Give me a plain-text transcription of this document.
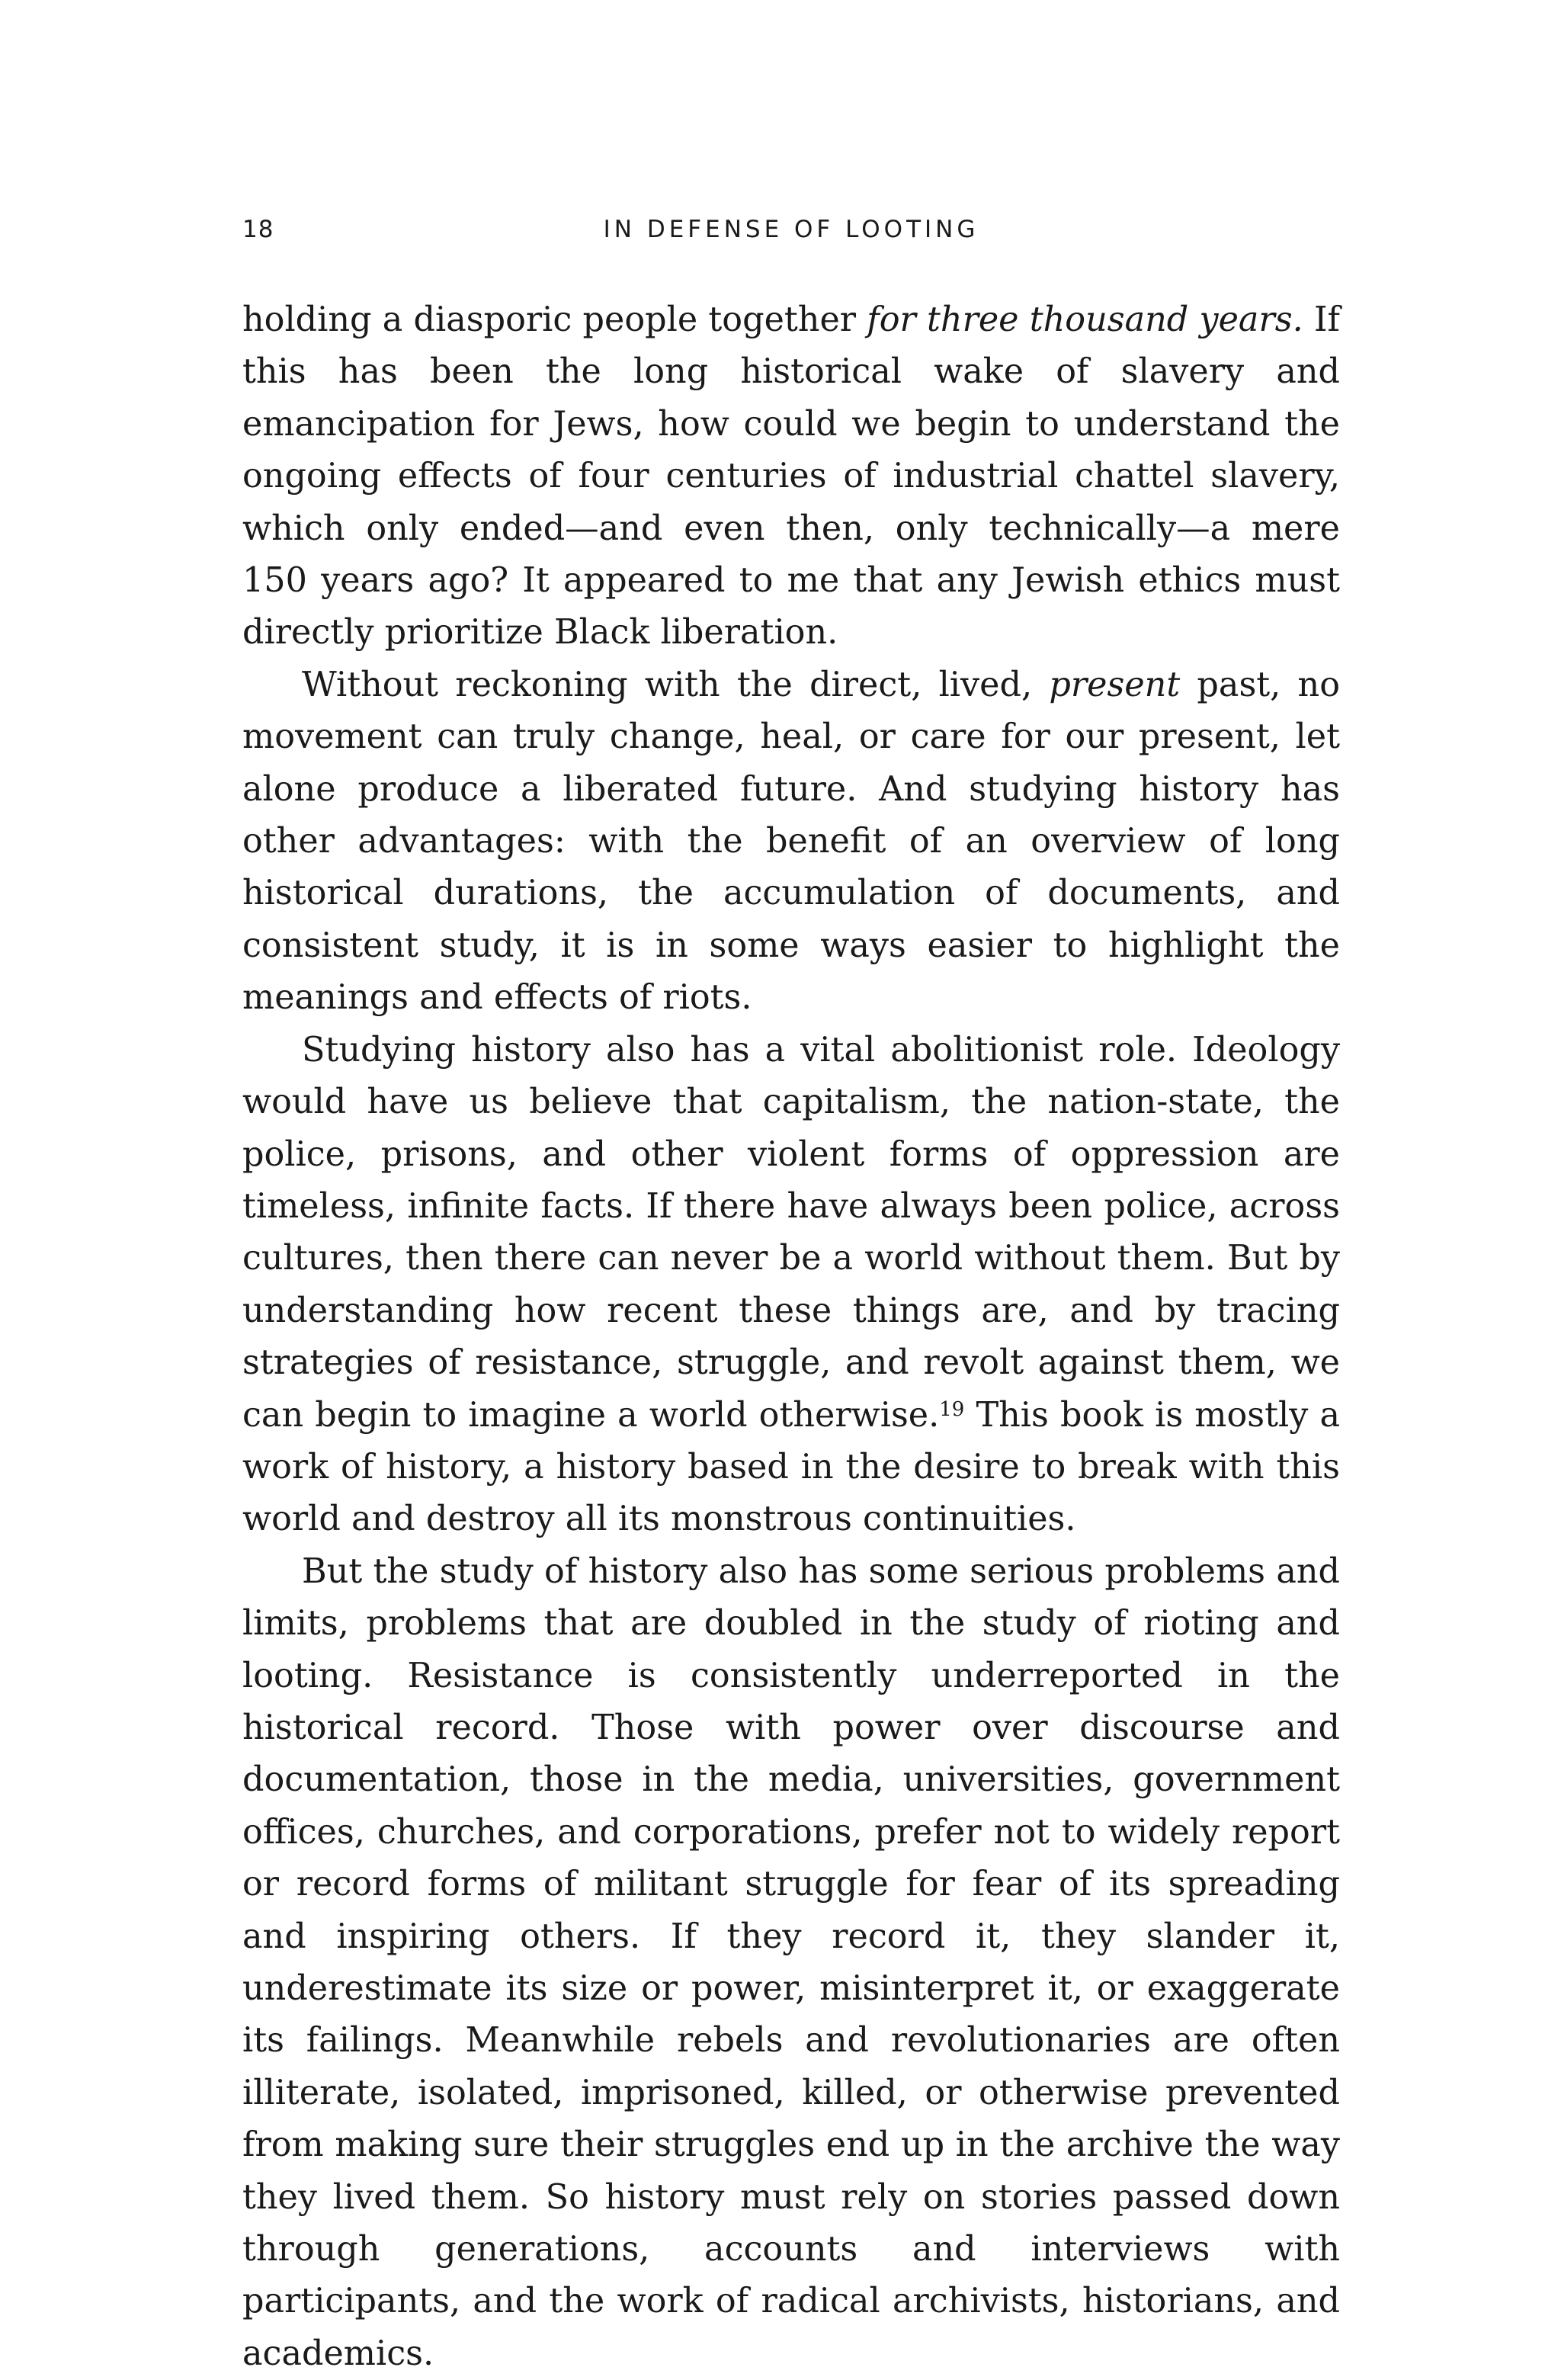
18	IN DEFENSE OF LOOTING

holding a diasporic people together for three thousand years. If this has been the long historical wake of slavery and emancipation for Jews, how could we begin to understand the ongoing effects of four centuries of industrial chattel slavery, which only ended—and even then, only technically—a mere 150 years ago? It appeared to me that any Jewish ethics must directly prioritize Black liberation.

Without reckoning with the direct, lived, present past, no movement can truly change, heal, or care for our present, let alone produce a liberated future. And studying history has other advantages: with the benefit of an overview of long historical durations, the accumulation of documents, and consistent study, it is in some ways easier to highlight the meanings and effects of riots.

Studying history also has a vital abolitionist role. Ideology would have us believe that capitalism, the nation-state, the police, prisons, and other violent forms of oppression are timeless, infinite facts. If there have always been police, across cultures, then there can never be a world without them. But by understanding how recent these things are, and by tracing strategies of resistance, struggle, and revolt against them, we can begin to imagine a world otherwise.$^{19}$ This book is mostly a work of history, a history based in the desire to break with this world and destroy all its monstrous continuities.

But the study of history also has some serious problems and limits, problems that are doubled in the study of rioting and looting. Resistance is consistently underreported in the historical record. Those with power over discourse and documentation, those in the media, universities, government offices, churches, and corporations, prefer not to widely report or record forms of militant struggle for fear of its spreading and inspiring others. If they record it, they slander it, underestimate its size or power, misinterpret it, or exaggerate its failings. Meanwhile rebels and revolutionaries are often illiterate, isolated, imprisoned, killed, or otherwise prevented from making sure their struggles end up in the archive the way they lived them. So history must rely on stories passed down through generations, accounts and interviews with participants, and the work of radical archivists, historians, and academics.
